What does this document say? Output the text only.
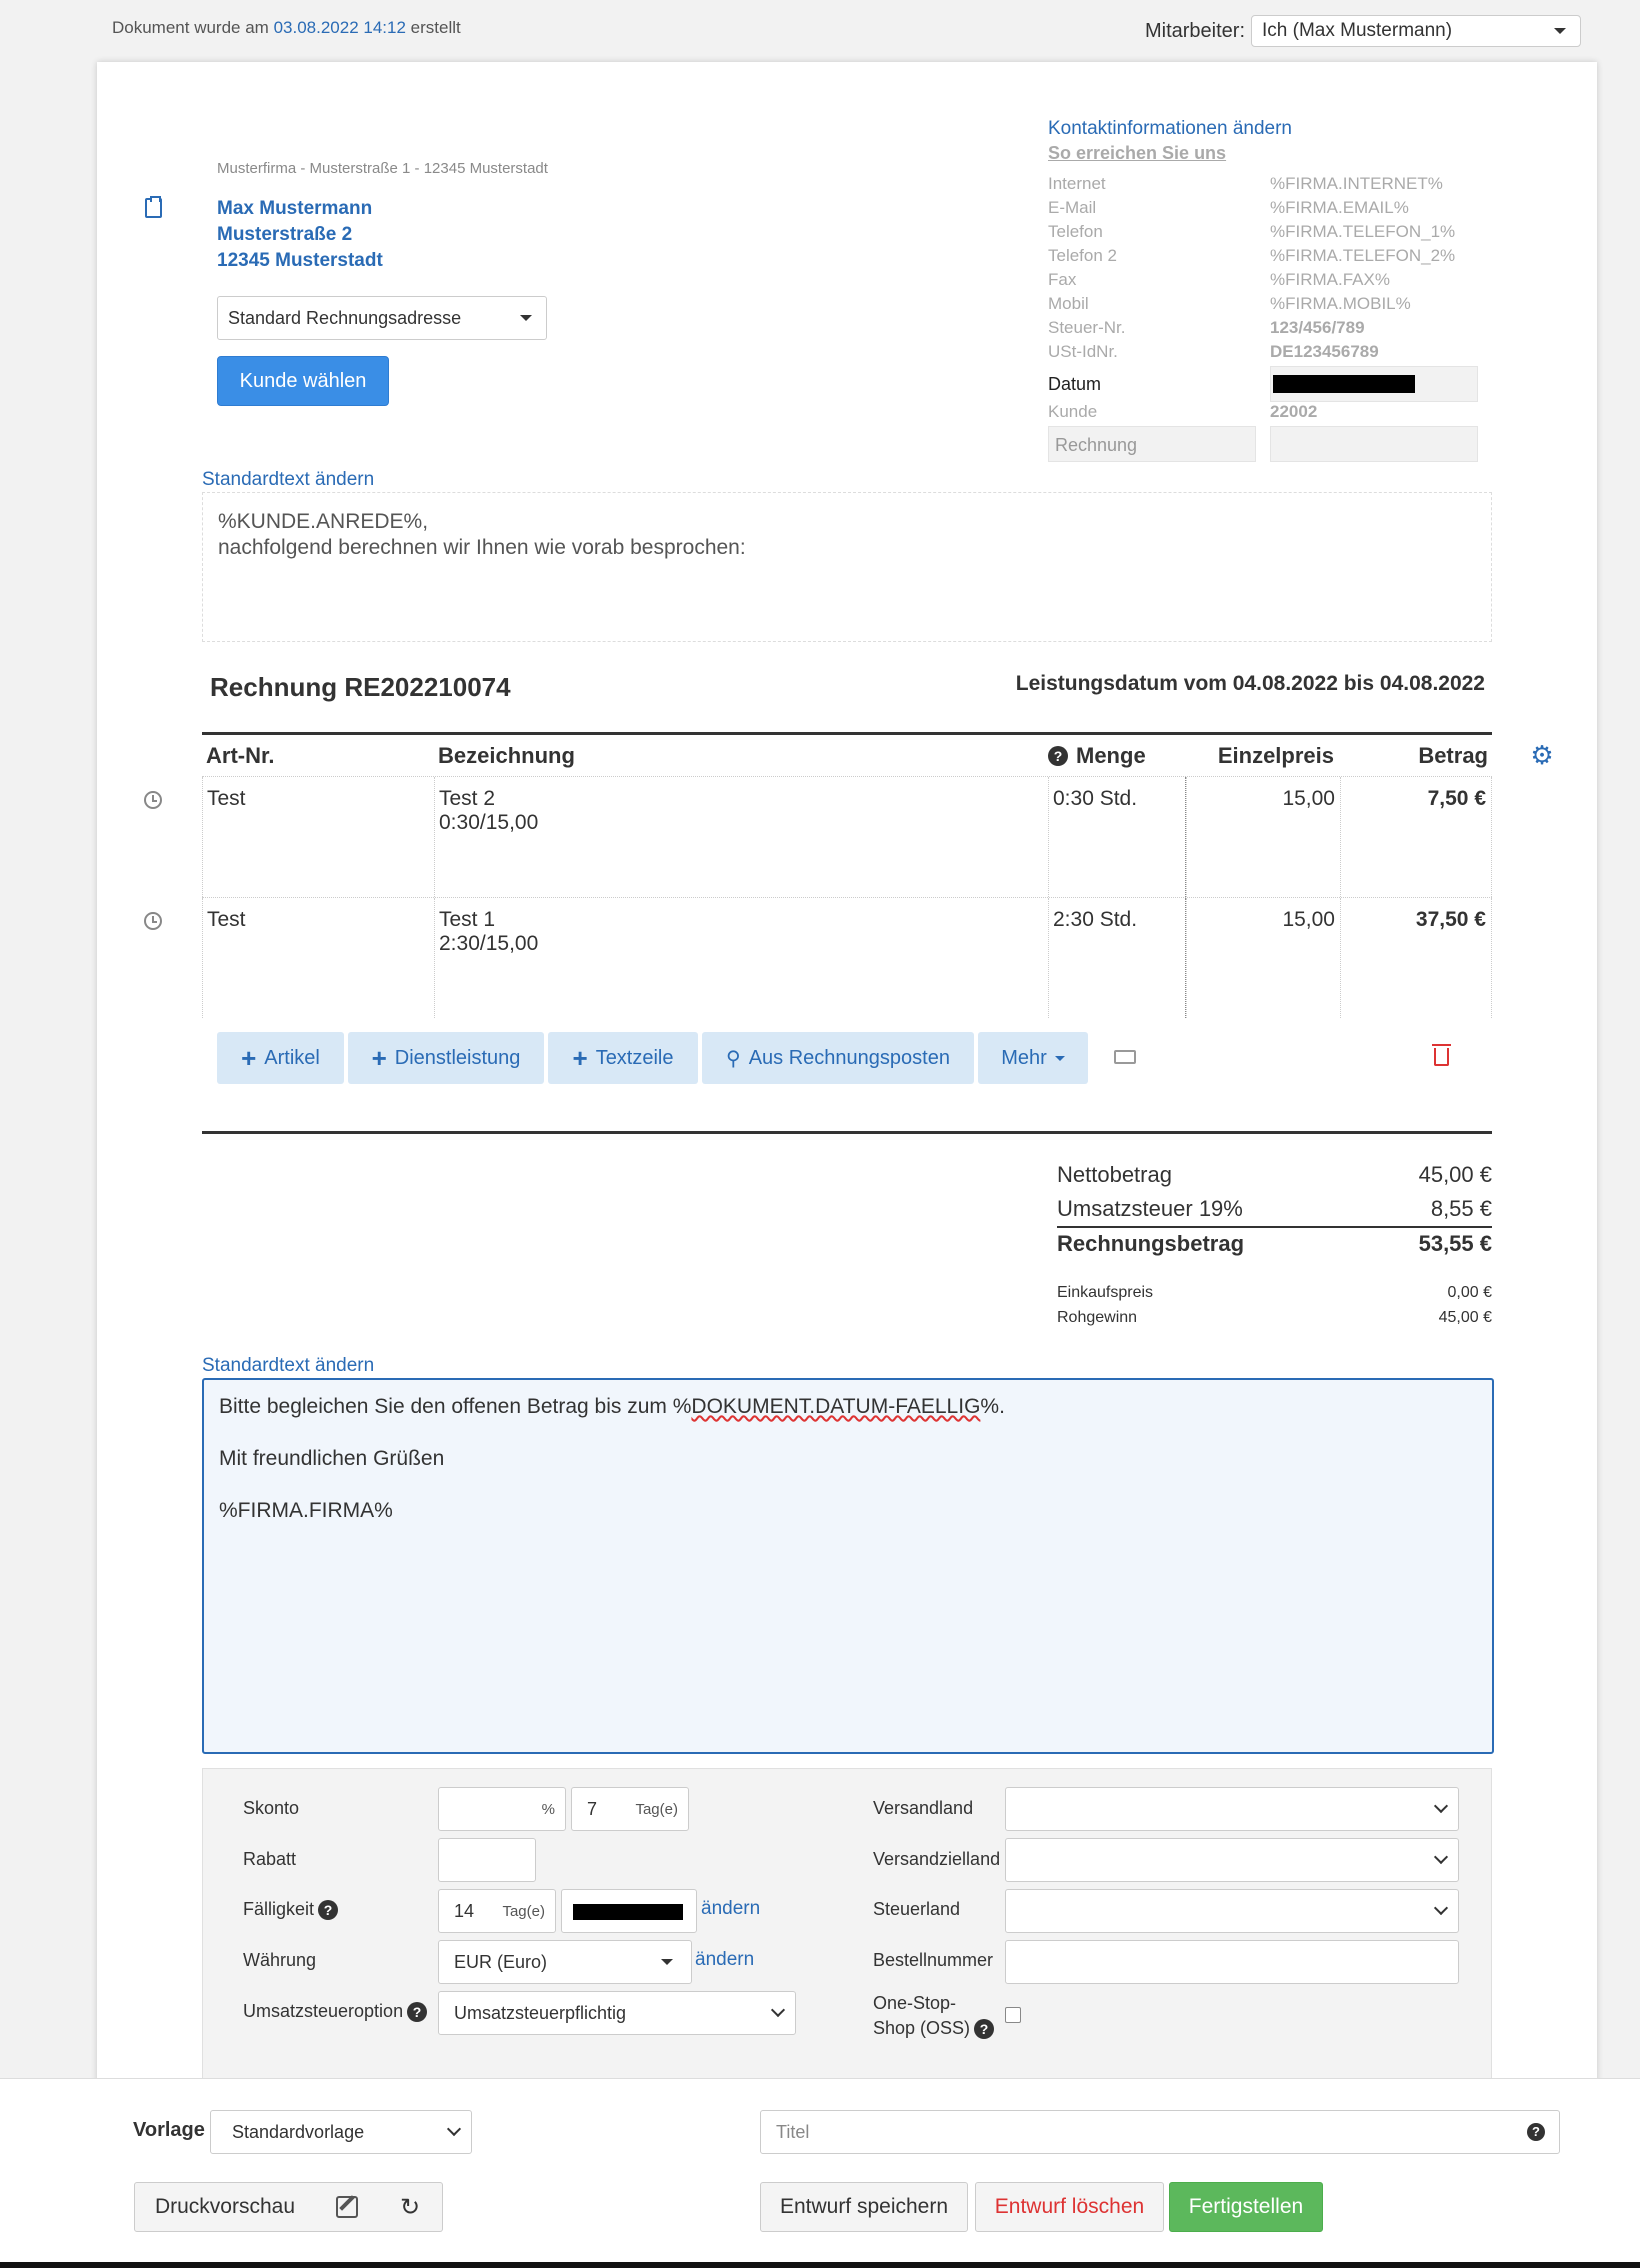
Dokument wurde am 03.08.2022 14:12 erstellt	Mitarbeiter: Ich (Max Mustermann)
Musterfirma - Musterstraße 1 - 12345 Musterstadt
Max Mustermann
Musterstraße 2
12345 Musterstadt
Standard Rechnungsadresse
Kunde wählen
Kontaktinformationen ändern
So erreichen Sie uns
Internet	%FIRMA.INTERNET%
E-Mail	%FIRMA.EMAIL%
Telefon	%FIRMA.TELEFON_1%
Telefon 2	%FIRMA.TELEFON_2%
Fax	%FIRMA.FAX%
Mobil	%FIRMA.MOBIL%
Steuer-Nr.	123/456/789
USt-IdNr.	DE123456789
Datum
Kunde	22002
Rechnung
Standardtext ändern
%KUNDE.ANREDE%,
nachfolgend berechnen wir Ihnen wie vorab besprochen:
Rechnung RE202210074	Leistungsdatum vom 04.08.2022 bis 04.08.2022
Art-Nr.	Bezeichnung	? Menge	Einzelpreis	Betrag
Test	Test 2
0:30/15,00
0:30 Std.	15,00	7,50 €
Test	Test 1
2:30/15,00
2:30 Std.	15,00	37,50 €
⚙
+ Artikel + Dienstleistung + Textzeile	⚲ Aus Rechnungsposten	Mehr
Nettobetrag	45,00 €
Umsatzsteuer 19%	8,55 €
Rechnungsbetrag	53,55 €
Einkaufspreis	0,00 €
Rohgewinn	45,00 €
Standardtext ändern

Bitte begleichen Sie den offenen Betrag bis zum %DOKUMENT.DATUM-FAELLIG%.

Mit freundlichen Grüßen

%FIRMA.FIRMA%

Skonto	%	7	Tag(e)
Rabatt
Fälligkeit ?	14 Tag(e)	ändern
Währung	EUR (Euro)	ändern
Umsatzsteueroption ?	Umsatzsteuerpflichtig
Versandland
Versandzielland
Steuerland
Bestellnummer
One-Stop-
Shop (OSS) ?
Vorlage Standardvorlage	Titel	?
Druckvorschau	↻	Entwurf speichern	Entwurf löschen	Fertigstellen
